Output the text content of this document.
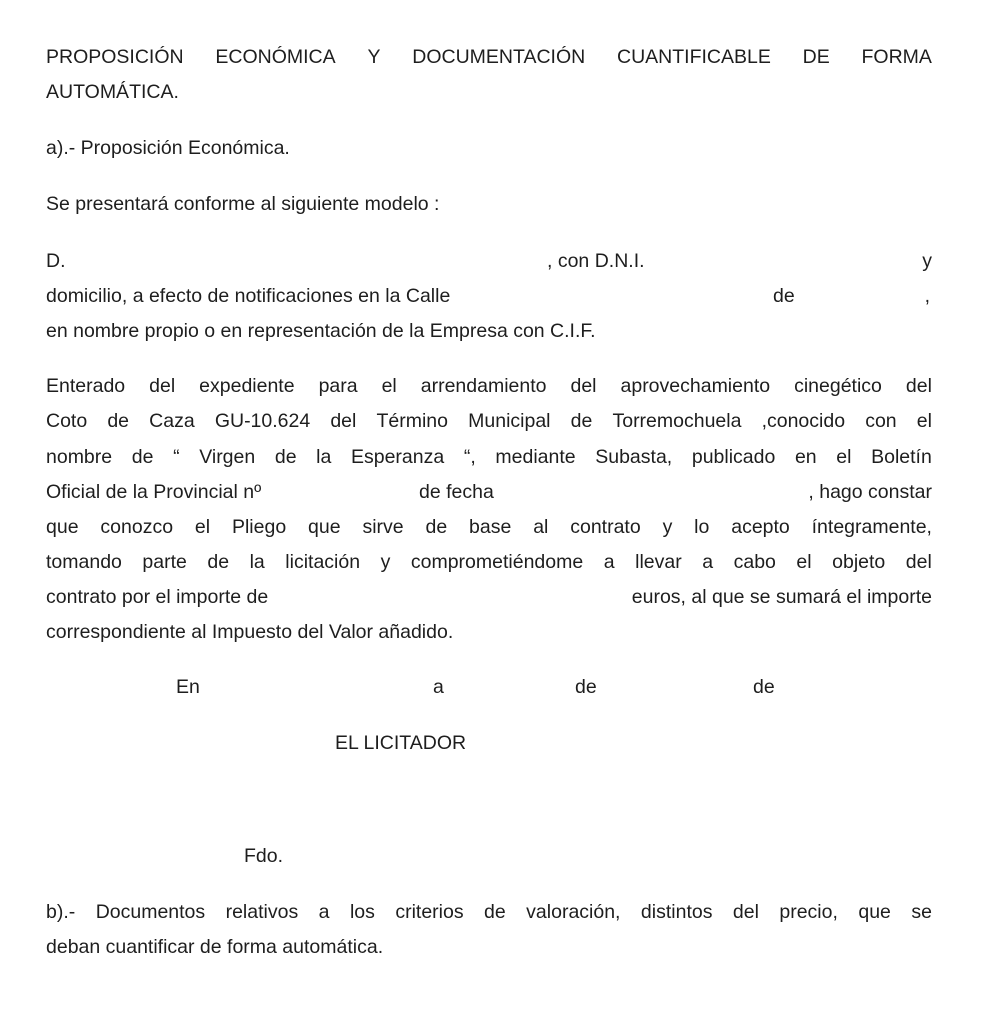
PROPOSICIÓN ECONÓMICA Y DOCUMENTACIÓN CUANTIFICABLE DE FORMA
AUTOMÁTICA.
a).- Proposición Económica.
Se presentará conforme al siguiente modelo :
D.	, con D.N.I.	y
domicilio, a efecto de notificaciones en la Calle	de	,
en nombre propio o en representación de la Empresa con C.I.F.
Enterado del expediente para el arrendamiento del aprovechamiento cinegético del
Coto de Caza GU-10.624 del Término Municipal de Torremochuela ,conocido con el
nombre de “ Virgen de la Esperanza “, mediante Subasta, publicado en el Boletín
Oficial de la Provincial nº	de fecha	, hago constar
que conozco el Pliego que sirve de base al contrato y lo acepto íntegramente,
tomando parte de la licitación y comprometiéndome a llevar a cabo el objeto del
contrato por el importe de	euros, al que se sumará el importe
correspondiente al Impuesto del Valor añadido.
En	a	de	de
EL LICITADOR
Fdo.
b).- Documentos relativos a los criterios de valoración, distintos del precio, que se
deban cuantificar de forma automática.
